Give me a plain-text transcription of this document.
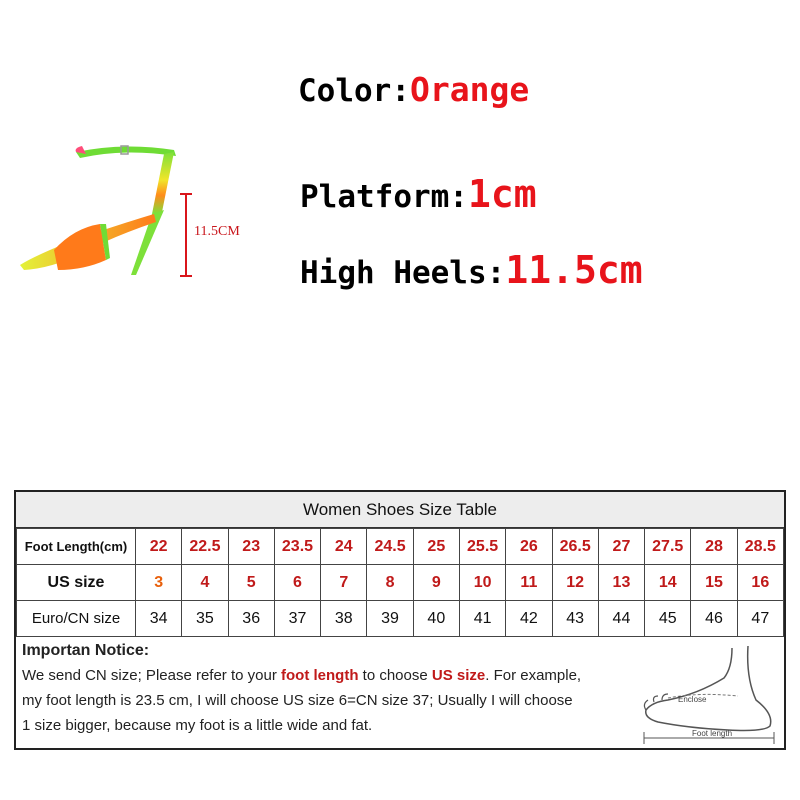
Color:Orange
Platform:1cm
High Heels:11.5cm
11.5CM
Women Shoes Size Table
Foot Length(cm)	22	22.5	23	23.5	24	24.5	25	25.5	26	26.5	27	27.5	28	28.5
US size	3	4	5	6	7	8	9	10	11	12	13	14	15	16
Euro/CN size	34	35	36	37	38	39	40	41	42	43	44	45	46	47
Importan Notice:
We send CN size; Please refer to your foot length to choose US size. For example,
my foot length is 23.5 cm, I will choose US size 6=CN size 37; Usually I will choose
1 size bigger, because my foot is a little wide and fat.
Enclose
Foot length
